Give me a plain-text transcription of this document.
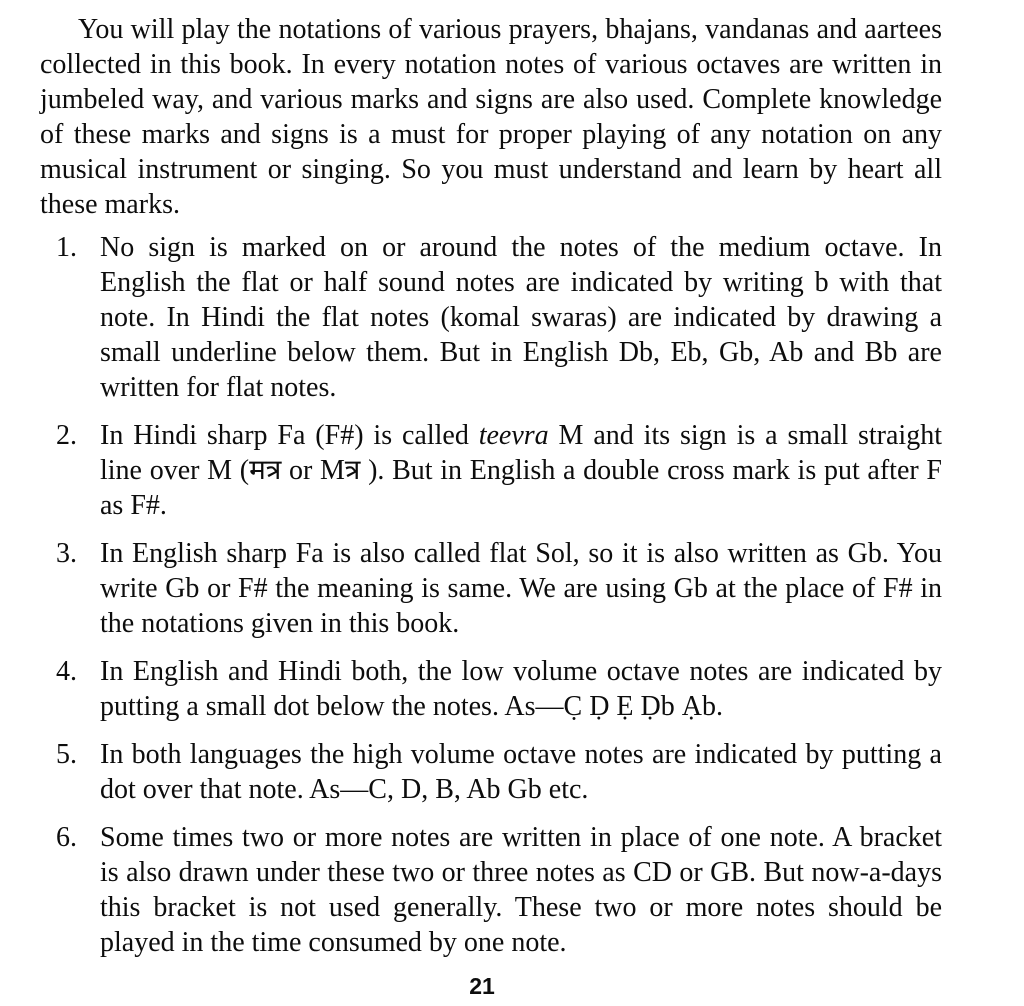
You will play the notations of various prayers, bhajans, vandanas and aartees collected in this book. In every notation notes of various octaves are written in jumbeled way, and various marks and signs are also used. Complete knowledge of these marks and signs is a must for proper playing of any notation on any musical instrument or singing. So you must understand and learn by heart all these marks.

1. No sign is marked on or around the notes of the medium octave. In English the flat or half sound notes are indicated by writing b with that note. In Hindi the flat notes (komal swaras) are indicated by drawing a small underline below them. But in English Db, Eb, Gb, Ab and Bb are written for flat notes.
2. In Hindi sharp Fa (F#) is called teevra M and its sign is a small straight line over M (मत्र or Mत्र ). But in English a double cross mark is put after F as F#.
3. In English sharp Fa is also called flat Sol, so it is also written as Gb. You write Gb or F# the meaning is same. We are using Gb at the place of F# in the notations given in this book.
4. In English and Hindi both, the low volume octave notes are indicated by putting a small dot below the notes. As—C̣ Ḍ Ẹ Ḍb Ạb.
5. In both languages the high volume octave notes are indicated by putting a dot over that note. As—C, D, B, Ab Gb etc.
6. Some times two or more notes are written in place of one note. A bracket is also drawn under these two or three notes as CD or GB. But now-a-days this bracket is not used generally. These two or more notes should be played in the time consumed by one note.
21
